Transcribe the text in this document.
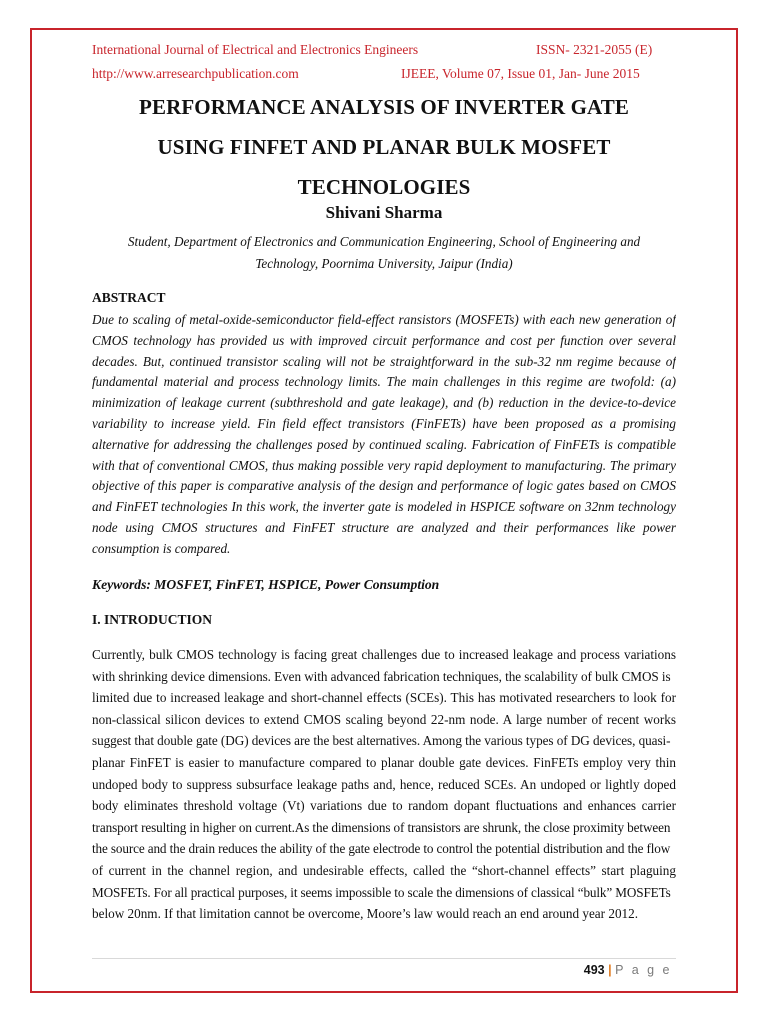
International Journal of Electrical and Electronics Engineers	ISSN- 2321-2055 (E)
http://www.arresearchpublication.com	IJEEE, Volume 07, Issue 01, Jan- June 2015
PERFORMANCE ANALYSIS OF INVERTER GATE
USING FINFET AND PLANAR BULK MOSFET
TECHNOLOGIES
Shivani Sharma
Student, Department of Electronics and Communication Engineering, School of Engineering and
Technology, Poornima University, Jaipur (India)
ABSTRACT
Due to scaling of metal-oxide-semiconductor field-effect ransistors (MOSFETs) with each new generation of
CMOS technology has provided us with improved circuit performance and cost per function over several
decades. But, continued transistor scaling will not be straightforward in the sub-32 nm regime because of
fundamental material and process technology limits. The main challenges in this regime are twofold: (a)
minimization of leakage current (subthreshold and gate leakage), and (b) reduction in the device-to-device
variability to increase yield. Fin field effect transistors (FinFETs) have been proposed as a promising
alternative for addressing the challenges posed by continued scaling. Fabrication of FinFETs is compatible
with that of conventional CMOS, thus making possible very rapid deployment to manufacturing. The primary
objective of this paper is comparative analysis of the design and performance of logic gates based on CMOS
and FinFET technologies In this work, the inverter gate is modeled in HSPICE software on 32nm technology
node using CMOS structures and FinFET structure are analyzed and their performances like power
consumption is compared.
Keywords: MOSFET, FinFET, HSPICE, Power Consumption
I. INTRODUCTION
Currently, bulk CMOS technology is facing great challenges due to increased leakage and process variations
with shrinking device dimensions. Even with advanced fabrication techniques, the scalability of bulk CMOS is
limited due to increased leakage and short-channel effects (SCEs). This has motivated researchers to look for
non-classical silicon devices to extend CMOS scaling beyond 22-nm node. A large number of recent works
suggest that double gate (DG) devices are the best alternatives. Among the various types of DG devices, quasi-
planar FinFET is easier to manufacture compared to planar double gate devices. FinFETs employ very thin
undoped body to suppress subsurface leakage paths and, hence, reduced SCEs. An undoped or lightly doped
body eliminates threshold voltage (Vt) variations due to random dopant fluctuations and enhances carrier
transport resulting in higher on current.As the dimensions of transistors are shrunk, the close proximity between
the source and the drain reduces the ability of the gate electrode to control the potential distribution and the flow
of current in the channel region, and undesirable effects, called the “short-channel effects” start plaguing
MOSFETs. For all practical purposes, it seems impossible to scale the dimensions of classical “bulk” MOSFETs
below 20nm. If that limitation cannot be overcome, Moore’s law would reach an end around year 2012.
493 | P a g e
